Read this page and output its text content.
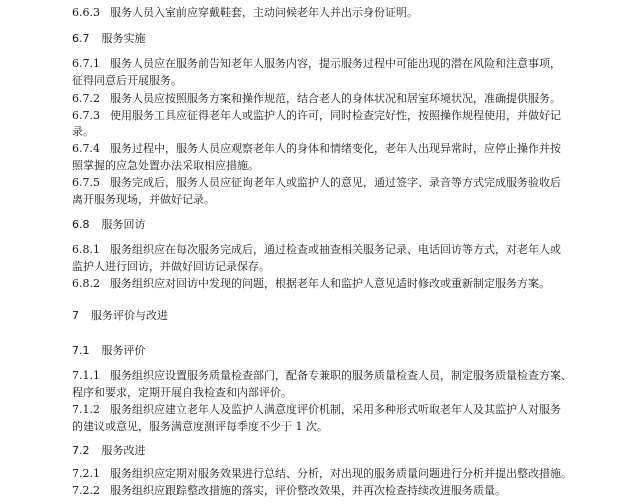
6.6.3 服务人员入室前应穿戴鞋套，主动问候老年人并出示身份证明。
6.7 服务实施
6.7.1 服务人员应在服务前告知老年人服务内容，提示服务过程中可能出现的潜在风险和注意事项，
征得同意后开展服务。
6.7.2 服务人员应按照服务方案和操作规范，结合老人的身体状况和居室环境状况，准确提供服务。
6.7.3 使用服务工具应征得老年人或监护人的许可，同时检查完好性，按照操作规程使用，并做好记
录。
6.7.4 服务过程中，服务人员应观察老年人的身体和情绪变化，老年人出现异常时，应停止操作并按
照掌握的应急处置办法采取相应措施。
6.7.5 服务完成后，服务人员应征询老年人或监护人的意见，通过签字、录音等方式完成服务验收后
离开服务现场，并做好记录。
6.8 服务回访
6.8.1 服务组织应在每次服务完成后，通过检查或抽查相关服务记录、电话回访等方式，对老年人或
监护人进行回访，并做好回访记录保存。
6.8.2 服务组织应对回访中发现的问题，根据老年人和监护人意见适时修改或重新制定服务方案。
7 服务评价与改进
7.1 服务评价
7.1.1 服务组织应设置服务质量检查部门，配备专兼职的服务质量检查人员，制定服务质量检查方案、
程序和要求，定期开展自我检查和内部评价。
7.1.2 服务组织应建立老年人及监护人满意度评价机制，采用多种形式听取老年人及其监护人对服务
的建议或意见，服务满意度测评每季度不少于 1 次。
7.2 服务改进
7.2.1 服务组织应定期对服务效果进行总结、分析，对出现的服务质量问题进行分析并提出整改措施。
7.2.2 服务组织应跟踪整改措施的落实，评价整改效果，并再次检查持续改进服务质量。
